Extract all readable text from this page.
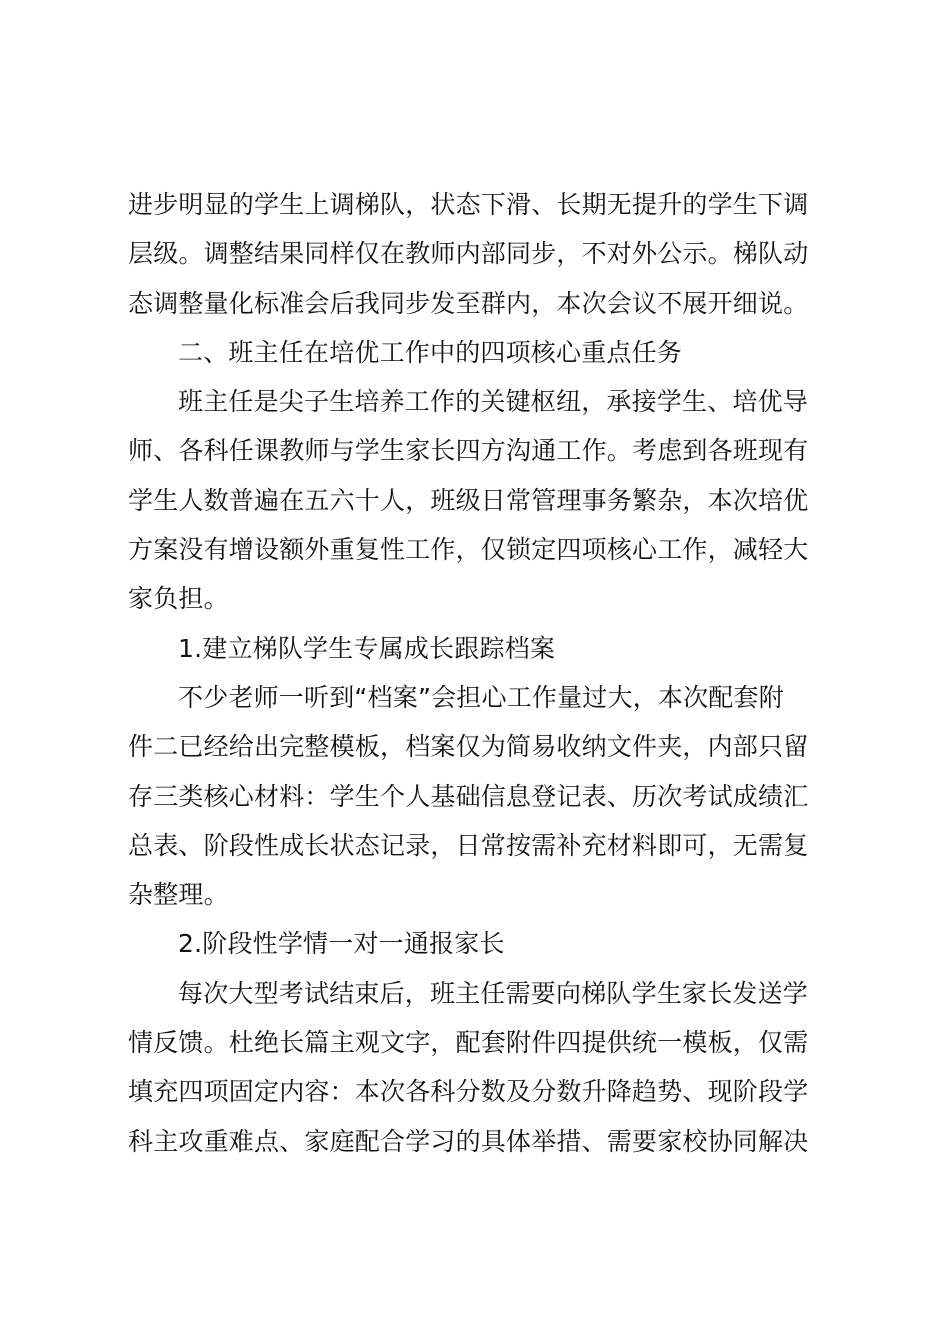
进步明显的学生上调梯队，状态下滑、长期无提升的学生下调
层级。调整结果同样仅在教师内部同步，不对外公示。梯队动
态调整量化标准会后我同步发至群内，本次会议不展开细说。
二、班主任在培优工作中的四项核心重点任务
班主任是尖子生培养工作的关键枢纽，承接学生、培优导
师、各科任课教师与学生家长四方沟通工作。考虑到各班现有
学生人数普遍在五六十人，班级日常管理事务繁杂，本次培优
方案没有增设额外重复性工作，仅锁定四项核心工作，减轻大
家负担。
1.建立梯队学生专属成长跟踪档案
不少老师一听到“档案”会担心工作量过大，本次配套附
件二已经给出完整模板，档案仅为简易收纳文件夹，内部只留
存三类核心材料：学生个人基础信息登记表、历次考试成绩汇
总表、阶段性成长状态记录，日常按需补充材料即可，无需复
杂整理。
2.阶段性学情一对一通报家长
每次大型考试结束后，班主任需要向梯队学生家长发送学
情反馈。杜绝长篇主观文字，配套附件四提供统一模板，仅需
填充四项固定内容：本次各科分数及分数升降趋势、现阶段学
科主攻重难点、家庭配合学习的具体举措、需要家校协同解决
